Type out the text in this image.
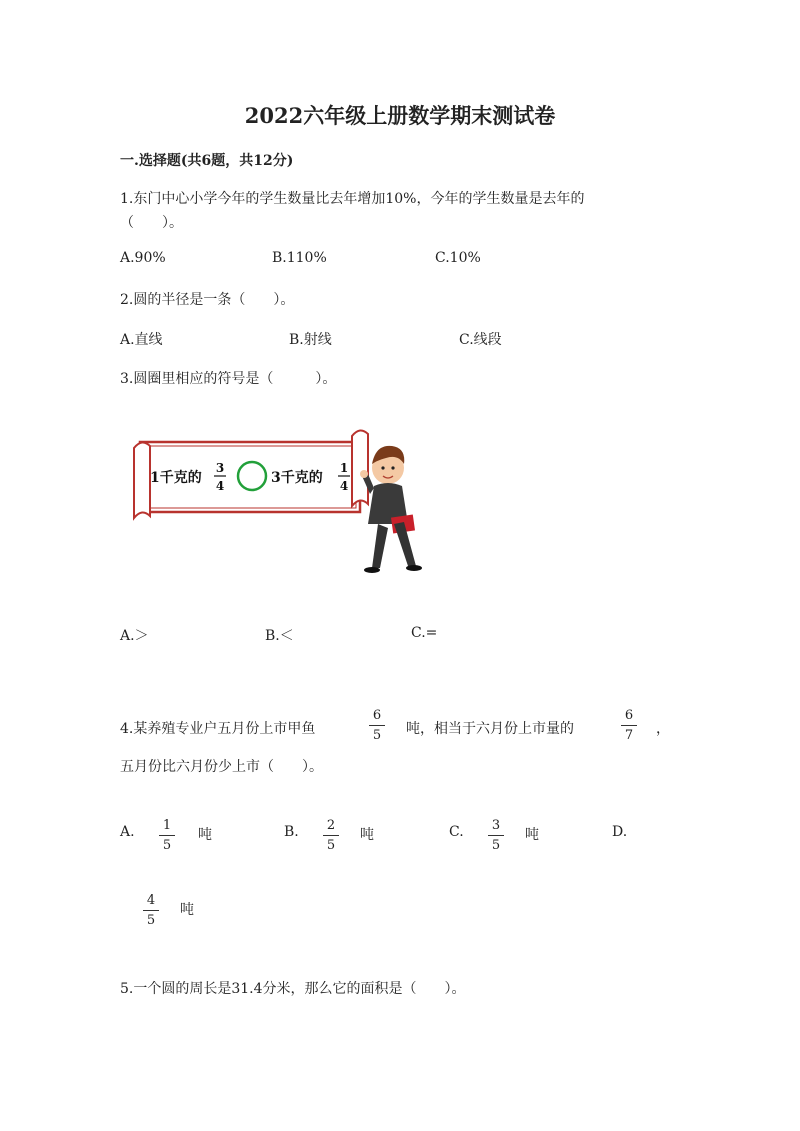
2022六年级上册数学期末测试卷
一.选择题(共6题，共12分)
1.东门中心小学今年的学生数量比去年增加10%，今年的学生数量是去年的
（　　）。
A.90%	B.110%	C.10%
2.圆的半径是一条（　　）。
A.直线	B.射线	C.线段
3.圆圈里相应的符号是（　　　）。
1千克的
3
4	3千克的
1
4
A.＞	B.＜	C.=
4.某养殖专业户五月份上市甲鱼
6
5	吨，相当于六月份上市量的
6
7	，
五月份比六月份少上市（　　）。
A.	1
5
吨	B.	2
5
吨	C.	3
5
吨	D.
4
5
吨
5.一个圆的周长是31.4分米，那么它的面积是（　　）。
